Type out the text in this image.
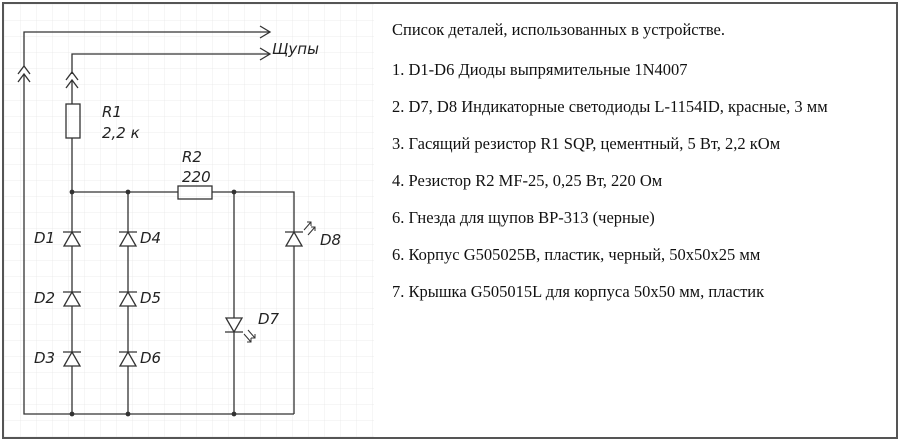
Щупы
R1
2,2 к
R2
220
D1
D2
D3
D4
D5
D6
D7
D8
Список деталей, использованных в устройстве.
1. D1-D6 Диоды выпрямительные 1N4007
2. D7, D8 Индикаторные светодиоды L-1154ID, красные, 3 мм
3. Гасящий резистор R1 SQP, цементный, 5 Вт, 2,2 кОм
4. Резистор R2 MF-25, 0,25 Вт, 220 Ом
6. Гнезда для щупов BP-313 (черные)
6. Корпус G505025B, пластик, черный, 50x50x25 мм
7. Крышка G505015L для корпуса 50x50 мм, пластик
